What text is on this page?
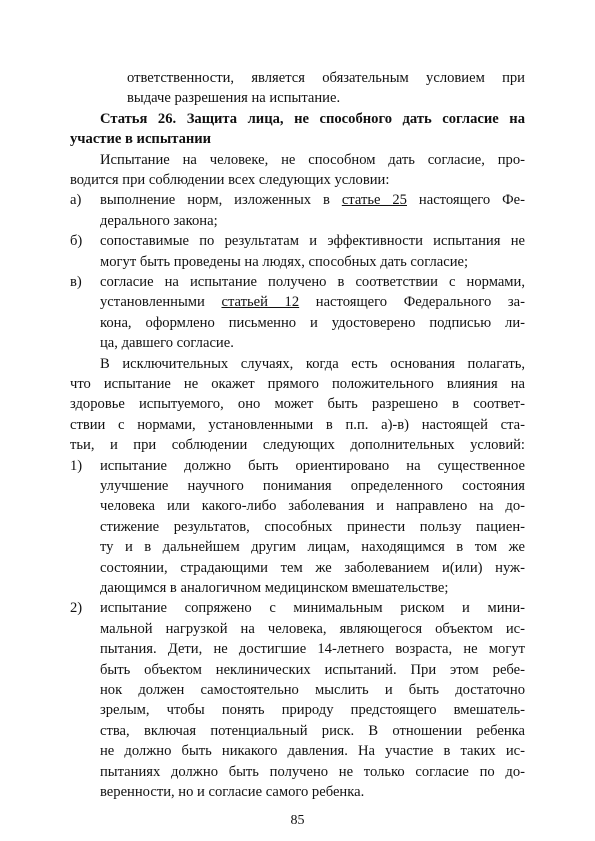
ответственности, является обязательным условием при
выдаче разрешения на испытание.
Статья 26. Защита лица, не способного дать согласие на
участие в испытании
Испытание на человеке, не способном дать согласие, про-
водится при соблюдении всех следующих условии:
а) выполнение норм, изложенных в статье 25 настоящего Фе-
дерального закона;
б) сопоставимые по результатам и эффективности испытания не
могут быть проведены на людях, способных дать согласие;
в) согласие на испытание получено в соответствии с нормами,
установленными статьей 12 настоящего Федерального за-
кона, оформлено письменно и удостоверено подписью ли-
ца, давшего согласие.
В исключительных случаях, когда есть основания полагать,
что испытание не окажет прямого положительного влияния на
здоровье испытуемого, оно может быть разрешено в соответ-
ствии с нормами, установленными в п.п. а)-в) настоящей ста-
тьи, и при соблюдении следующих дополнительных условий:
1) испытание должно быть ориентировано на существенное
улучшение научного понимания определенного состояния
человека или какого-либо заболевания и направлено на до-
стижение результатов, способных принести пользу пациен-
ту и в дальнейшем другим лицам, находящимся в том же
состоянии, страдающими тем же заболеванием и(или) нуж-
дающимся в аналогичном медицинском вмешательстве;
2) испытание сопряжено с минимальным риском и мини-
мальной нагрузкой на человека, являющегося объектом ис-
пытания. Дети, не достигшие 14-летнего возраста, не могут
быть объектом неклинических испытаний. При этом ребе-
нок должен самостоятельно мыслить и быть достаточно
зрелым, чтобы понять природу предстоящего вмешатель-
ства, включая потенциальный риск. В отношении ребенка
не должно быть никакого давления. На участие в таких ис-
пытаниях должно быть получено не только согласие по до-
веренности, но и согласие самого ребенка.
85
